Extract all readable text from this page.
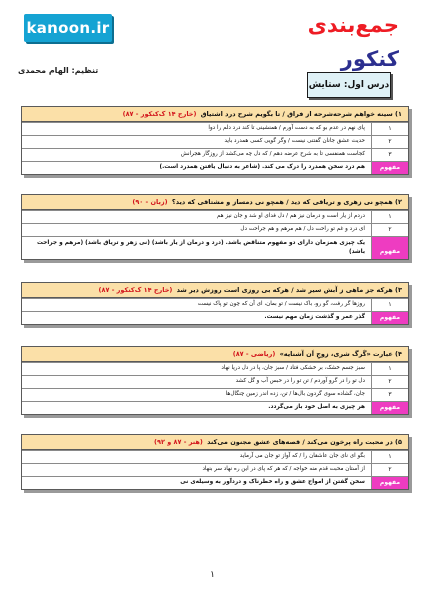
kanoon.ir	جمع‌بندی کنکور
تنظیم: الهام محمدی
درس اول: ستایش
۱) سینه خواهم شرحه‌شرحه از فراق / تا بگویم شرح درد اشتیاق (خارج ۱۴ ک‌کنکور - ۸۷)
پای نهم در عدم بو که به دست آورم / همنشینی تا کند درد دلم را دوا	۱
حدیث عشق جانان گفتنی نیست / وگر گویی کسی همدرد باید	۲
کجاست همنفسی تا به شرح عرضه دهم / که دل چه می‌کشد از روزگار هجرانش	۳
هم درد سخن همدرد را درک می کند. (شاعر به دنبال یافتن همدرد است.)	مفهوم
۲) همچو نی زهری و تریاقی که دید / همچو نی دمساز و مشتاقی که دید؟ (زبان - ۹۰)
دردم از یار است و درمان نیز هم / دل فدای او شد و جان نیز هم	۱
ای درد و غم تو راحت دل / هم مرهم و هم جراحت دل	۲
یک چیزی همزمان دارای دو مفهوم متناقض باشد. (درد و درمان از یار باشد) (نی زهر و تریاق باشد) (مرهم و جراحت باشد)	مفهوم
۳) هرکه جز ماهی ز آبش سیر شد / هرکه بی روزی است روزش دیر شد (خارج ۱۴ ک‌کنکور - ۸۷)
روزها گر رفت، گو رو، باک نیست / تو بمان، ای آن که چون تو پاک نیست	۱
گذر عمر و گذشت زمان مهم نیست.	مفهوم
۴) عبارت «گَرگ شری، زوجِ اَن آشنایه» (ریاضی - ۸۷)
سبز جسم خشک، بر خشکی فتاد / سبز جان، پا در دل دریا نهاد	۱
دل تو را در گرو آوردم / تن تو را در حبس آب و گل کشد	۲
جان، گشاده سوی گردون بال‌ها / تن، زده اندر زمین چنگال‌ها	۳
هر چیزی به اصل خود باز می‌گردد.	مفهوم
۵) در محبت راه پرخون می‌کند / قصه‌های عشق مجنون می‌کند (هنر - ۸۷ و ۹۲)
بگو ای نای جان عاشقان را / که آواز تو جان می آرماید	۱
از آستان محبت قدم منه خواجه / که هر که پای در این ره نهاد سر بنهاد	۲
سخن گفتن از امواج عشق و راه خطرناک و دردآور به وسیله‌ی نی	مفهوم
۱
